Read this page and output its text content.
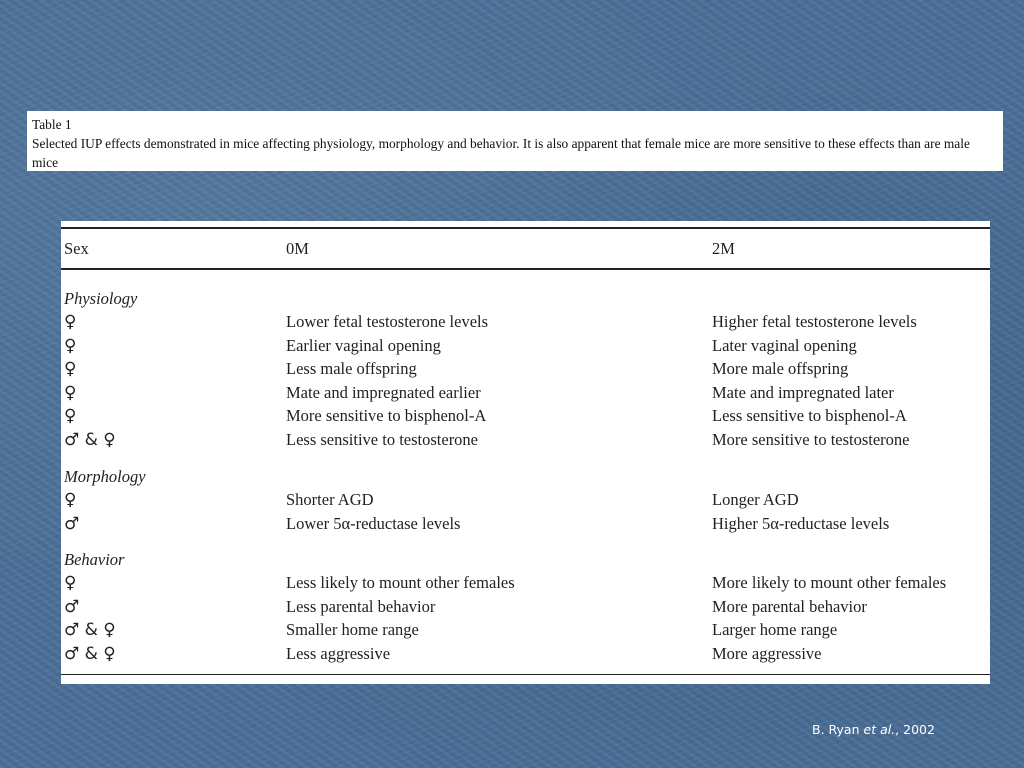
Table 1
Selected IUP effects demonstrated in mice affecting physiology, morphology and behavior. It is also apparent that female mice are more sensitive to these effects than are male mice
Sex	0M	2M
Physiology
♀	Lower fetal testosterone levels	Higher fetal testosterone levels
♀	Earlier vaginal opening	Later vaginal opening
♀	Less male offspring	More male offspring
♀	Mate and impregnated earlier	Mate and impregnated later
♀	More sensitive to bisphenol-A	Less sensitive to bisphenol-A
♂ & ♀	Less sensitive to testosterone	More sensitive to testosterone
Morphology
♀	Shorter AGD	Longer AGD
♂	Lower 5α-reductase levels	Higher 5α-reductase levels
Behavior
♀	Less likely to mount other females	More likely to mount other females
♂	Less parental behavior	More parental behavior
♂ & ♀	Smaller home range	Larger home range
♂ & ♀	Less aggressive	More aggressive
B. Ryan et al., 2002
